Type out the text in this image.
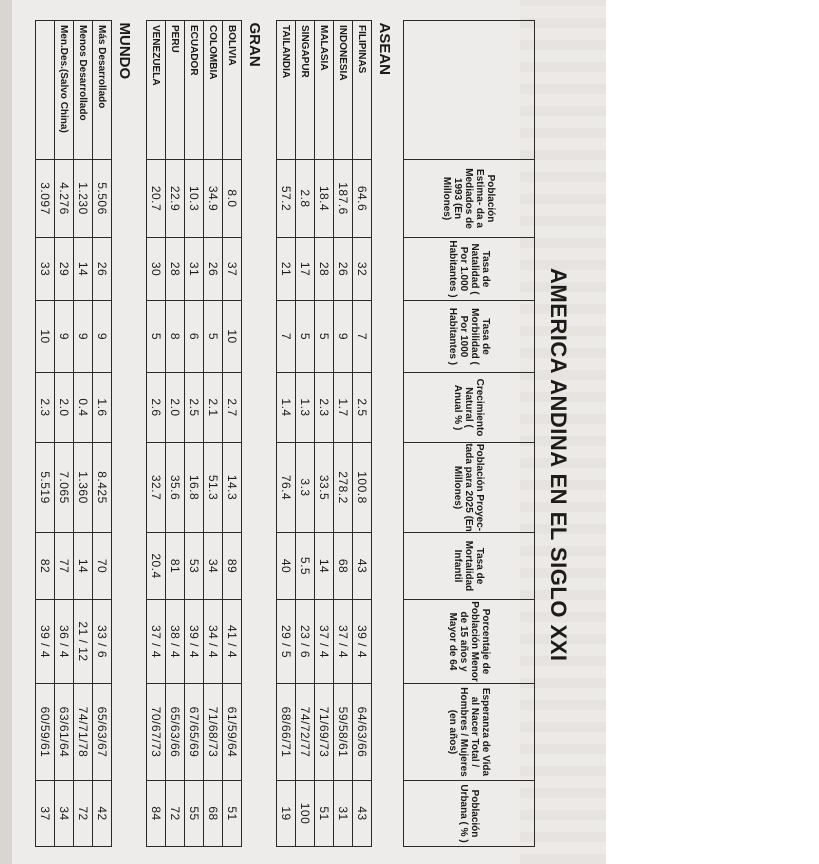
AMERICA ANDINA EN EL SIGLO XXI
	Población Estima- da a Mediados de 1993 (En Millones)	Tasa de Natalidad ( Por 1.000 Habitantes )	Tasa de Morbilidad ( Por 1000 Habitantes )	Crecimiento Natural ( Anual % )	Población Proyec- tada para 2025 (En Millones)	Tasa de Mortalidad Infantil	Porcentaje de Población Menor de 15 años y Mayor de 64	Esperanza de Vida al Nacer Total / Hombres / Mujeres (en años)	Población Urbana ( % )

ASEAN									
FILIPINAS	64.6	32	7	2.5	100.8	43	39 / 4	64/63/66	43
INDONESIA	187.6	26	9	1.7	278.2	68	37 / 4	59/58/61	31
MALASIA	18.4	28	5	2.3	33.5	14	37 / 4	71/69/73	51
SINGAPUR	2.8	17	5	1.3	3.3	5.5	23 / 6	74/72/77	100
TAILANDIA	57.2	21	7	1.4	76.4	40	29 / 5	68/66/71	19

GRAN									
BOLIVIA	8.0	37	10	2.7	14.3	89	41 / 4	61/59/64	51
COLOMBIA	34.9	26	5	2.1	51.3	34	34 / 4	71/68/73	68
ECUADOR	10.3	31	6	2.5	16.8	53	39 / 4	67/65/69	55
PERU	22.9	28	8	2.0	35.6	81	38 / 4	65/63/66	72
VENEZUELA	20.7	30	5	2.6	32.7	20.4	37 / 4	70/67/73	84

MUNDO									
Más Desarrollado	5.506	26	9	1.6	8.425	70	33 / 6	65/63/67	42
Menos Desarrollado	1.230	14	9	0.4	1.360	14	21 / 12	74/71/78	72
Men.Des.(Salvo China)	4.276	29	9	2.0	7.065	77	36 / 4	63/61/64	34
	3.097	33	10	2.3	5.519	82	39 / 4	60/59/61	37
